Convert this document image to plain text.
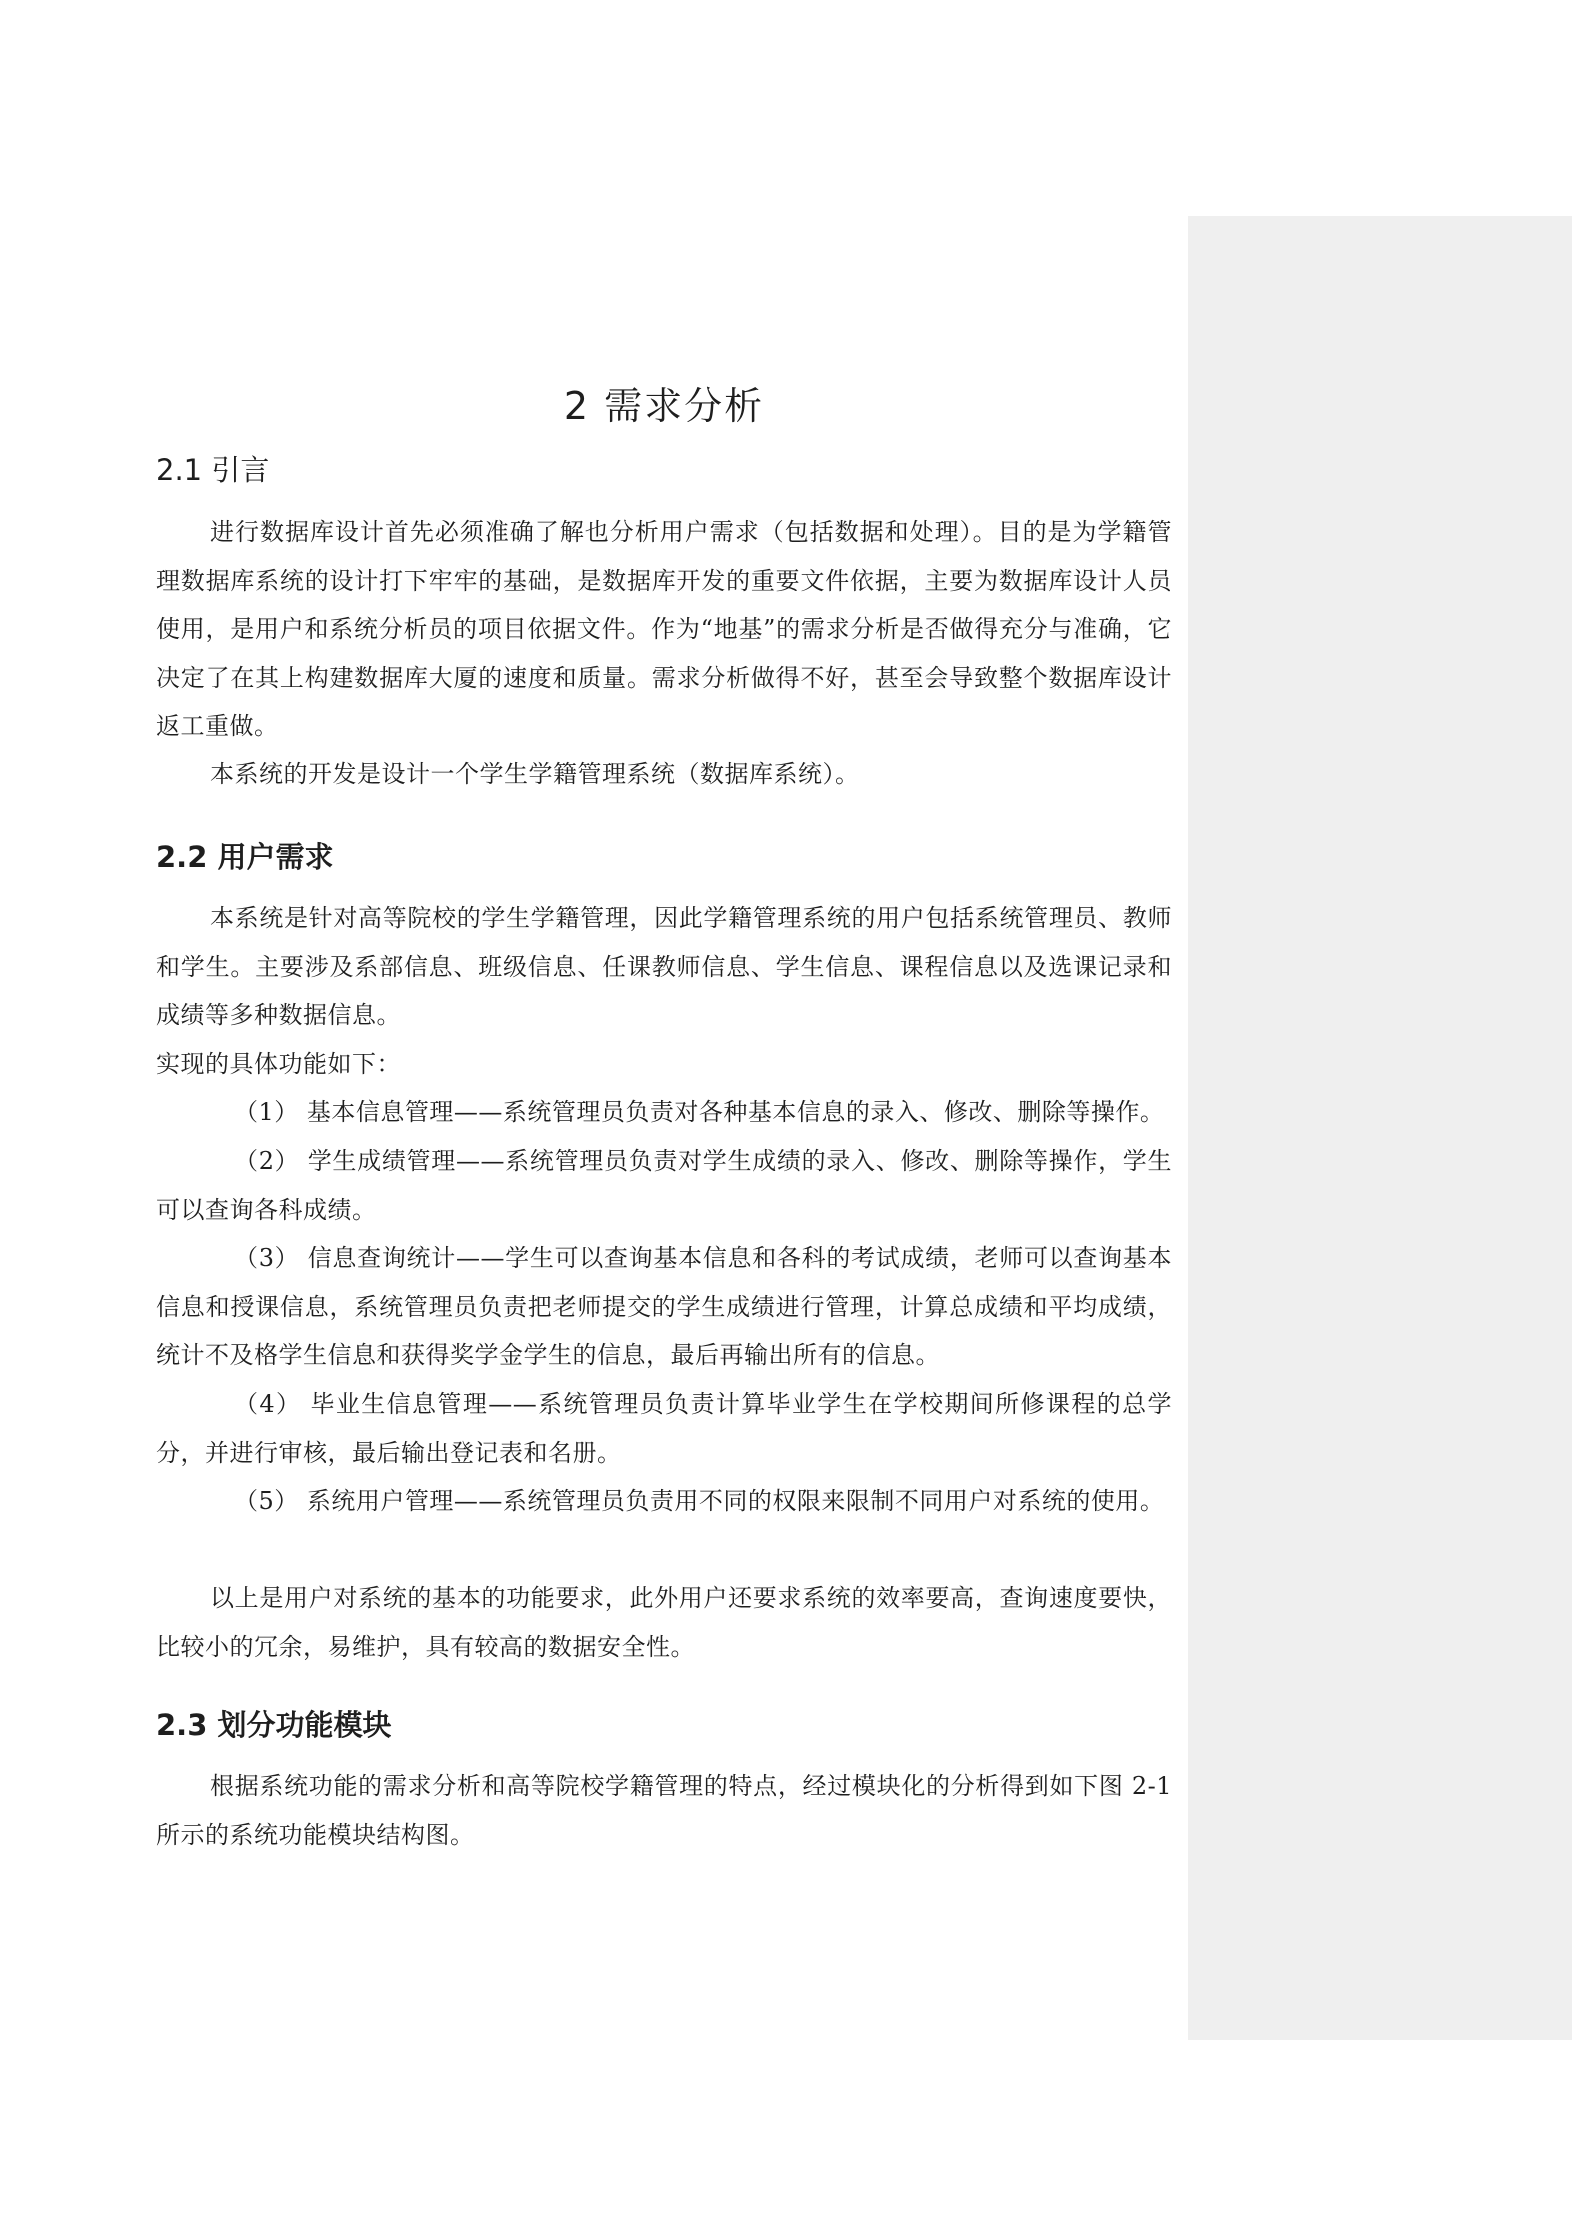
2 需求分析
2.1 引言

进行数据库设计首先必须准确了解也分析用户需求（包括数据和处理）。目的是为学籍管理数据库系统的设计打下牢牢的基础，是数据库开发的重要文件依据，主要为数据库设计人员使用，是用户和系统分析员的项目依据文件。作为“地基”的需求分析是否做得充分与准确，它决定了在其上构建数据库大厦的速度和质量。需求分析做得不好，甚至会导致整个数据库设计返工重做。

本系统的开发是设计一个学生学籍管理系统（数据库系统）。

2.2 用户需求

本系统是针对高等院校的学生学籍管理，因此学籍管理系统的用户包括系统管理员、教师和学生。主要涉及系部信息、班级信息、任课教师信息、学生信息、课程信息以及选课记录和成绩等多种数据信息。

实现的具体功能如下：

（1） 基本信息管理——系统管理员负责对各种基本信息的录入、修改、删除等操作。

（2） 学生成绩管理——系统管理员负责对学生成绩的录入、修改、删除等操作，学生可以查询各科成绩。

（3） 信息查询统计——学生可以查询基本信息和各科的考试成绩，老师可以查询基本信息和授课信息，系统管理员负责把老师提交的学生成绩进行管理，计算总成绩和平均成绩，统计不及格学生信息和获得奖学金学生的信息，最后再输出所有的信息。

（4） 毕业生信息管理——系统管理员负责计算毕业学生在学校期间所修课程的总学分，并进行审核，最后输出登记表和名册。

（5） 系统用户管理——系统管理员负责用不同的权限来限制不同用户对系统的使用。

以上是用户对系统的基本的功能要求，此外用户还要求系统的效率要高，查询速度要快，比较小的冗余，易维护，具有较高的数据安全性。

2.3 划分功能模块

根据系统功能的需求分析和高等院校学籍管理的特点，经过模块化的分析得到如下图 2-1 所示的系统功能模块结构图。
